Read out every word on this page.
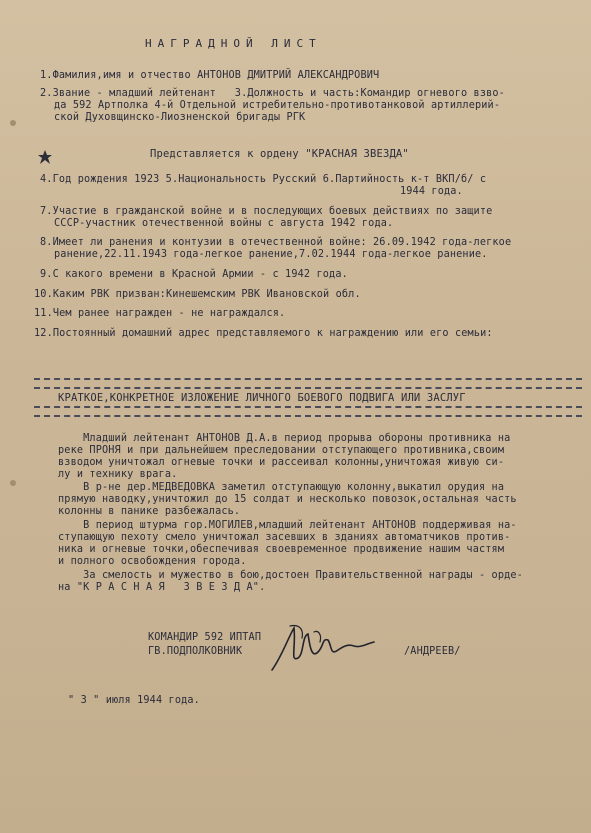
НАГРАДНОЙ ЛИСТ
1.Фамилия,имя и отчество АНТОНОВ ДМИТРИЙ АЛЕКСАНДРОВИЧ
2.Звание - младший лейтенант   3.Должность и часть:Командир огневого взво-
да 592 Артполка 4-й Отдельной истребительно-противотанковой артиллерий-
ской Духовщинско-Лиозненской бригады РГК
Представляется к ордену "КРАСНАЯ ЗВЕЗДА"
4.Год рождения 1923 5.Национальность Русский 6.Партийность к-т ВКП/б/ с
1944 года.
7.Участие в гражданской войне и в последующих боевых действиях по защите
СССР-участник отечественной войны с августа 1942 года.
8.Имеет ли ранения и контузии в отечественной войне: 26.09.1942 года-легкое
ранение,22.11.1943 года-легкое ранение,7.02.1944 года-легкое ранение.
9.С какого времени в Красной Армии - с 1942 года.
10.Каким РВК призван:Кинешемским РВК Ивановской обл.
11.Чем ранее награжден - не награждался.
12.Постоянный домашний адрес представляемого к награждению или его семьи:
КРАТКОЕ,КОНКРЕТНОЕ ИЗЛОЖЕНИЕ ЛИЧНОГО БОЕВОГО ПОДВИГА ИЛИ ЗАСЛУГ
Младший лейтенант АНТОНОВ Д.А.в период прорыва обороны противника на
реке ПРОНЯ и при дальнейшем преследовании отступающего противника,своим
взводом уничтожал огневые точки и рассеивал колонны,уничтожая живую си-
лу и технику врага.
В р-не дер.МЕДВЕДОВКА заметил отступающую колонну,выкатил орудия на
прямую наводку,уничтожил до 15 солдат и несколько повозок,остальная часть
колонны в панике разбежалась.
В период штурма гор.МОГИЛЕВ,младший лейтенант АНТОНОВ поддерживая на-
ступающую пехоту смело уничтожал засевших в зданиях автоматчиков против-
ника и огневые точки,обеспечивая своевременное продвижение нашим частям
и полного освобождения города.
За смелость и мужество в бою,достоен Правительственной награды - орде-
на "К Р А С Н А Я   З В Е З Д А".
КОМАНДИР 592 ИПТАП
ГВ.ПОДПОЛКОВНИК	/АНДРЕЕВ/
" 3 " июля 1944 года.
